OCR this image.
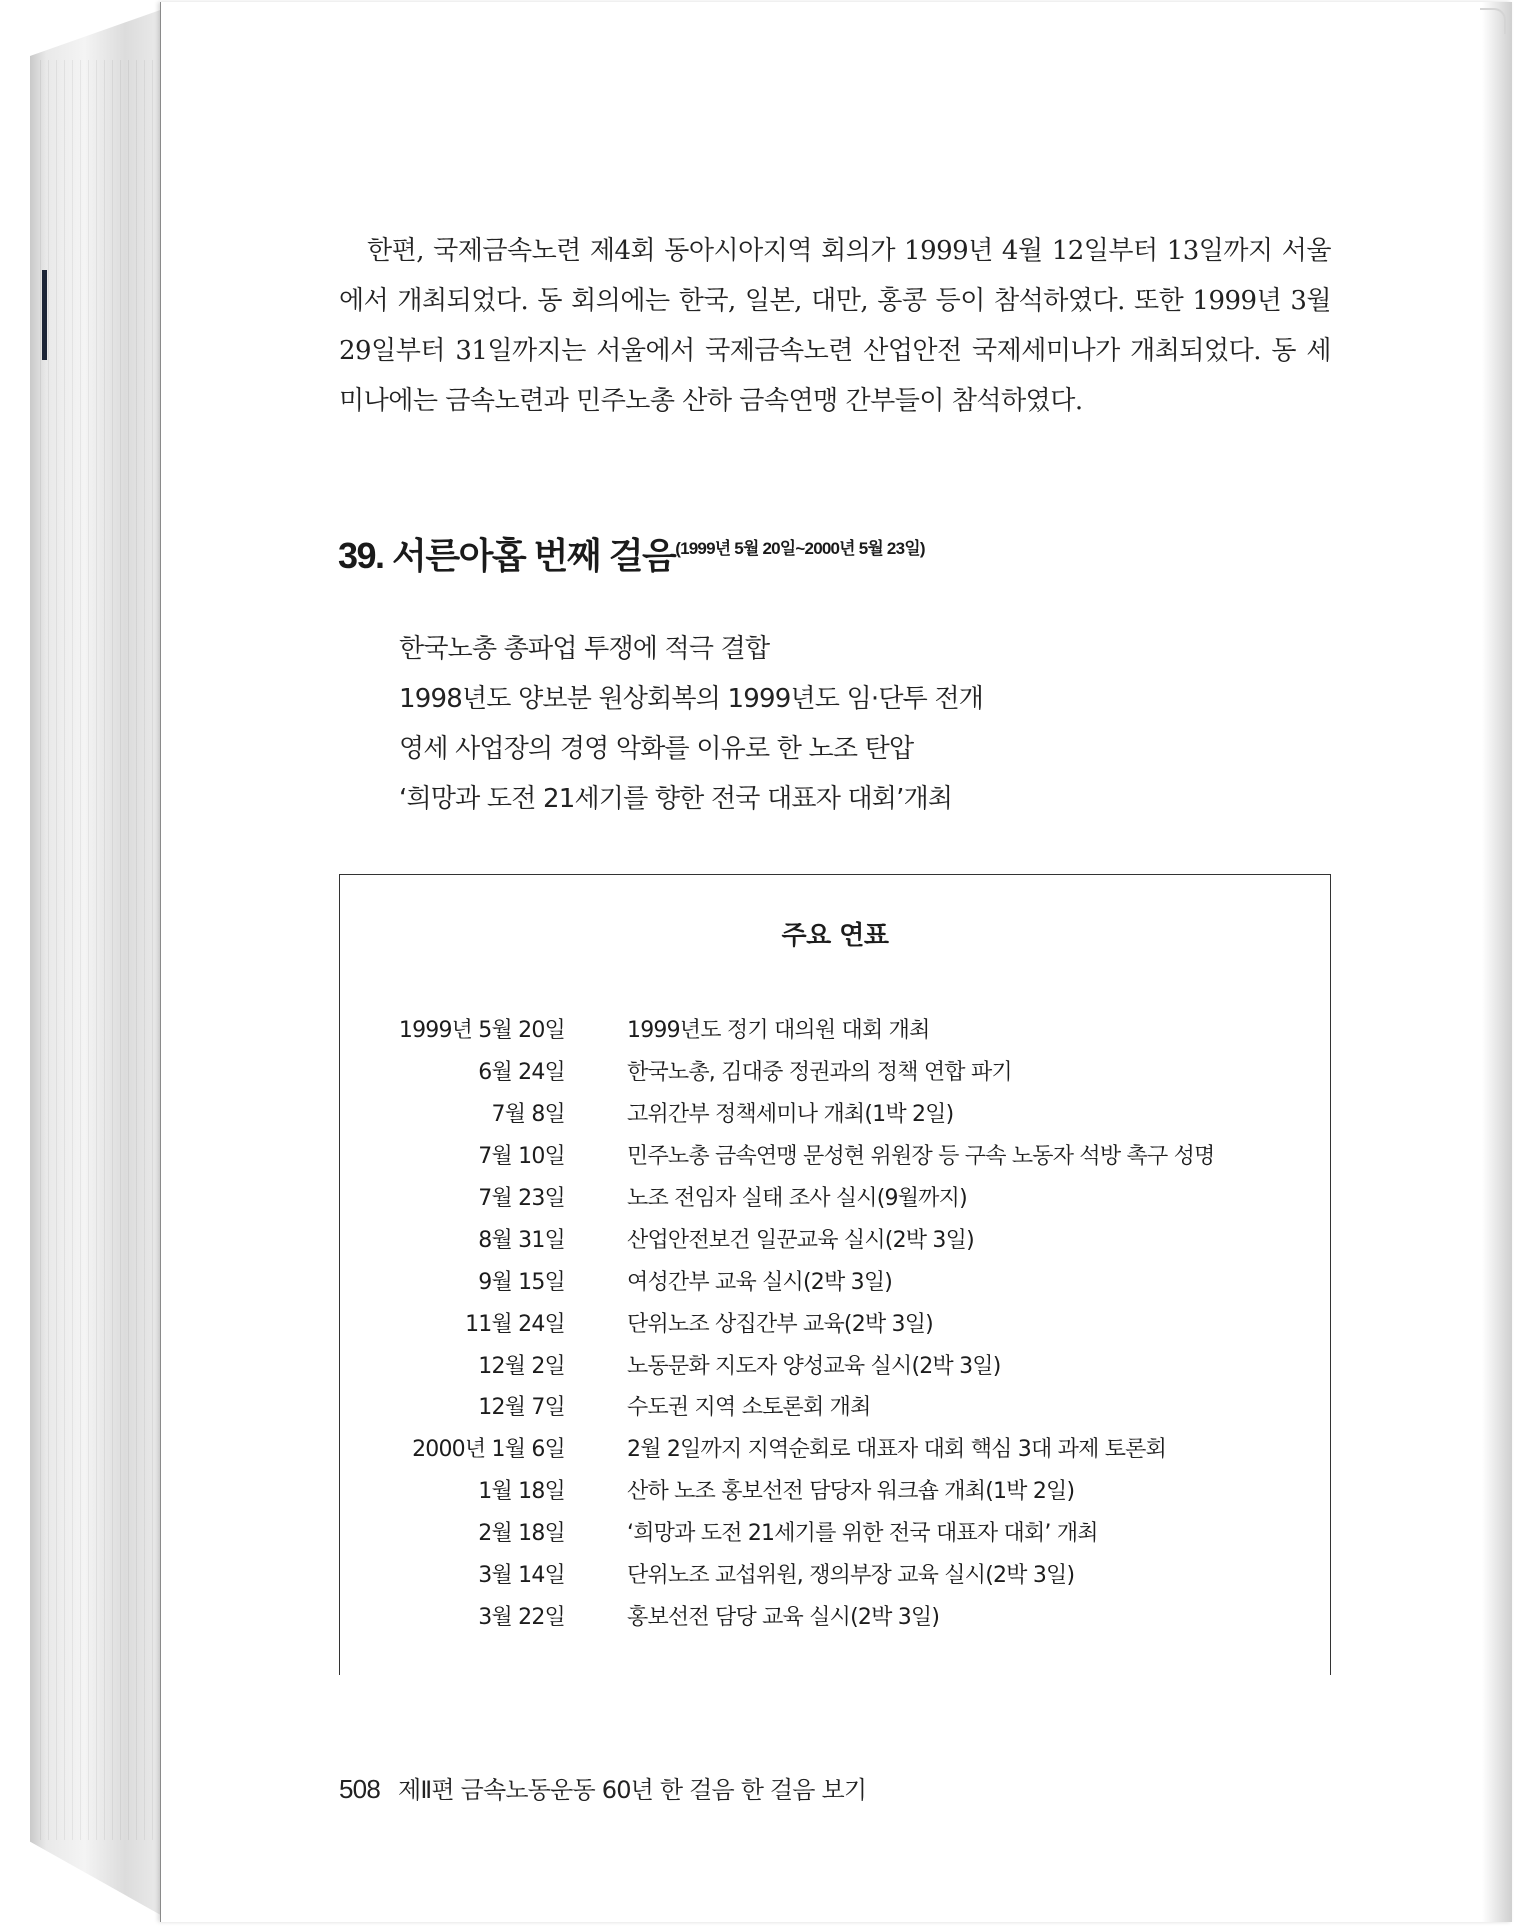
한편, 국제금속노련 제4회 동아시아지역 회의가 1999년 4월 12일부터 13일까지 서울에서 개최되었다. 동 회의에는 한국, 일본, 대만, 홍콩 등이 참석하였다. 또한 1999년 3월 29일부터 31일까지는 서울에서 국제금속노련 산업안전 국제세미나가 개최되었다. 동 세미나에는 금속노련과 민주노총 산하 금속연맹 간부들이 참석하였다.

39. 서른아홉 번째 걸음$^{(1999년 5월 20일\sim 2000년 5월 23일)}$
한국노총 총파업 투쟁에 적극 결합
1998년도 양보분 원상회복의 1999년도 임·단투 전개
영세 사업장의 경영 악화를 이유로 한 노조 탄압
‘희망과 도전 21세기를 향한 전국 대표자 대회’개최
주요 연표
1999년 5월 20일	1999년도 정기 대의원 대회 개최
6월 24일	한국노총, 김대중 정권과의 정책 연합 파기
7월 8일	고위간부 정책세미나 개최(1박 2일)
7월 10일	민주노총 금속연맹 문성현 위원장 등 구속 노동자 석방 촉구 성명
7월 23일	노조 전임자 실태 조사 실시(9월까지)
8월 31일	산업안전보건 일꾼교육 실시(2박 3일)
9월 15일	여성간부 교육 실시(2박 3일)
11월 24일	단위노조 상집간부 교육(2박 3일)
12월 2일	노동문화 지도자 양성교육 실시(2박 3일)
12월 7일	수도권 지역 소토론회 개최
2000년 1월 6일	2월 2일까지 지역순회로 대표자 대회 핵심 3대 과제 토론회
1월 18일	산하 노조 홍보선전 담당자 워크숍 개최(1박 2일)
2월 18일	‘희망과 도전 21세기를 위한 전국 대표자 대회’ 개최
3월 14일	단위노조 교섭위원, 쟁의부장 교육 실시(2박 3일)
3월 22일	홍보선전 담당 교육 실시(2박 3일)
508 제Ⅱ편 금속노동운동 60년 한 걸음 한 걸음 보기
